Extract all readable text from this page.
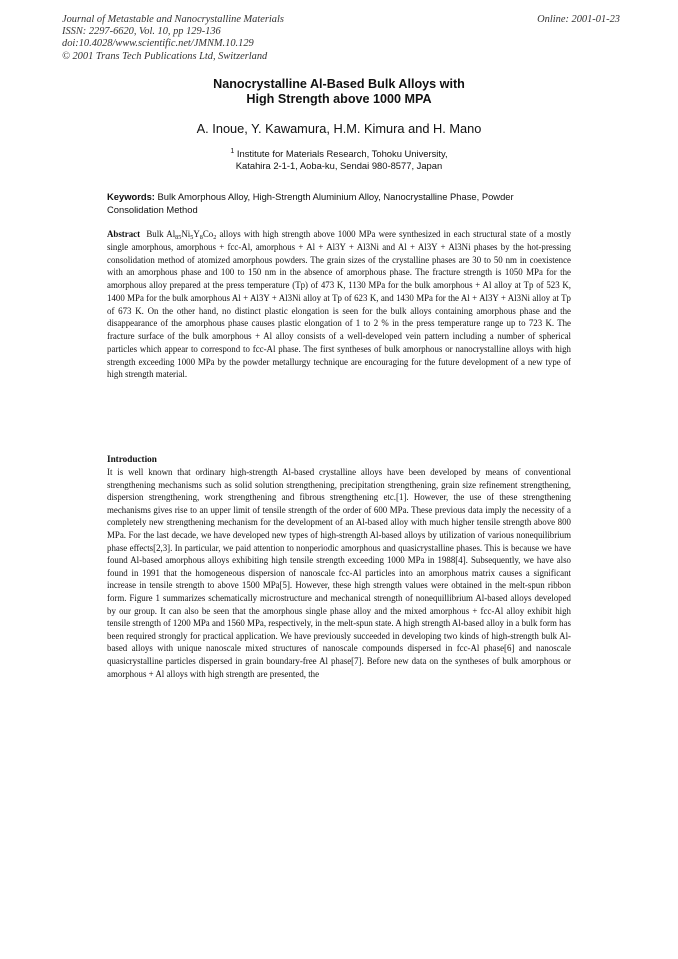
Journal of Metastable and Nanocrystalline Materials
ISSN: 2297-6620, Vol. 10, pp 129-136
doi:10.4028/www.scientific.net/JMNM.10.129
© 2001 Trans Tech Publications Ltd, Switzerland
Online: 2001-01-23
Nanocrystalline Al-Based Bulk Alloys with
High Strength above 1000 MPA
A. Inoue, Y. Kawamura, H.M. Kimura and H. Mano
$^1$ Institute for Materials Research, Tohoku University,
Katahira 2-1-1, Aoba-ku, Sendai 980-8577, Japan
Keywords: Bulk Amorphous Alloy, High-Strength Aluminium Alloy, Nanocrystalline Phase, Powder Consolidation Method

Abstract Bulk $Al_{85}Ni_5Y_8Co_2$ alloys with high strength above 1000 MPa were synthesized in each structural state of a mostly single amorphous, amorphous + fcc-Al, amorphous + Al + Al3Y + Al3Ni and Al + Al3Y + Al3Ni phases by the hot-pressing consolidation method of atomized amorphous powders. The grain sizes of the crystalline phases are 30 to 50 nm in coexistence with an amorphous phase and 100 to 150 nm in the absence of amorphous phase. The fracture strength is 1050 MPa for the amorphous alloy prepared at the press temperature (Tp) of 473 K, 1130 MPa for the bulk amorphous + Al alloy at Tp of 523 K, 1400 MPa for the bulk amorphous Al + Al3Y + Al3Ni alloy at Tp of 623 K, and 1430 MPa for the Al + Al3Y + Al3Ni alloy at Tp of 673 K. On the other hand, no distinct plastic elongation is seen for the bulk alloys containing amorphous phase and the disappearance of the amorphous phase causes plastic elongation of 1 to 2 % in the press temperature range up to 723 K. The fracture surface of the bulk amorphous + Al alloy consists of a well-developed vein pattern including a number of spherical particles which appear to correspond to fcc-Al phase. The first syntheses of bulk amorphous or nanocrystalline alloys with high strength exceeding 1000 MPa by the powder metallurgy technique are encouraging for the future development of a new type of high strength material.

Introduction

It is well known that ordinary high-strength Al-based crystalline alloys have been developed by means of conventional strengthening mechanisms such as solid solution strengthening, precipitation strengthening, grain size refinement strengthening, dispersion strengthening, work strengthening and fibrous strengthening etc.[1]. However, the use of these strengthening mechanisms gives rise to an upper limit of tensile strength of the order of 600 MPa. These previous data imply the necessity of a completely new strengthening mechanism for the development of an Al-based alloy with much higher tensile strength above 800 MPa. For the last decade, we have developed new types of high-strength Al-based alloys by utilization of various nonequilibrium phase effects[2,3]. In particular, we paid attention to nonperiodic amorphous and quasicrystalline phases. This is because we have found Al-based amorphous alloys exhibiting high tensile strength exceeding 1000 MPa in 1988[4]. Subsequently, we have also found in 1991 that the homogeneous dispersion of nanoscale fcc-Al particles into an amorphous matrix causes a significant increase in tensile strength to above 1500 MPa[5]. However, these high strength values were obtained in the melt-spun ribbon form. Figure 1 summarizes schematically microstructure and mechanical strength of nonequillibrium Al-based alloys developed by our group. It can also be seen that the amorphous single phase alloy and the mixed amorphous + fcc-Al alloy exhibit high tensile strength of 1200 MPa and 1560 MPa, respectively, in the melt-spun state. A high strength Al-based alloy in a bulk form has been required strongly for practical application. We have previously succeeded in developing two kinds of high-strength bulk Al-based alloys with unique nanoscale mixed structures of nanoscale compounds dispersed in fcc-Al phase[6] and nanoscale quasicrystalline particles dispersed in grain boundary-free Al phase[7]. Before new data on the syntheses of bulk amorphous or amorphous + Al alloys with high strength are presented, the
